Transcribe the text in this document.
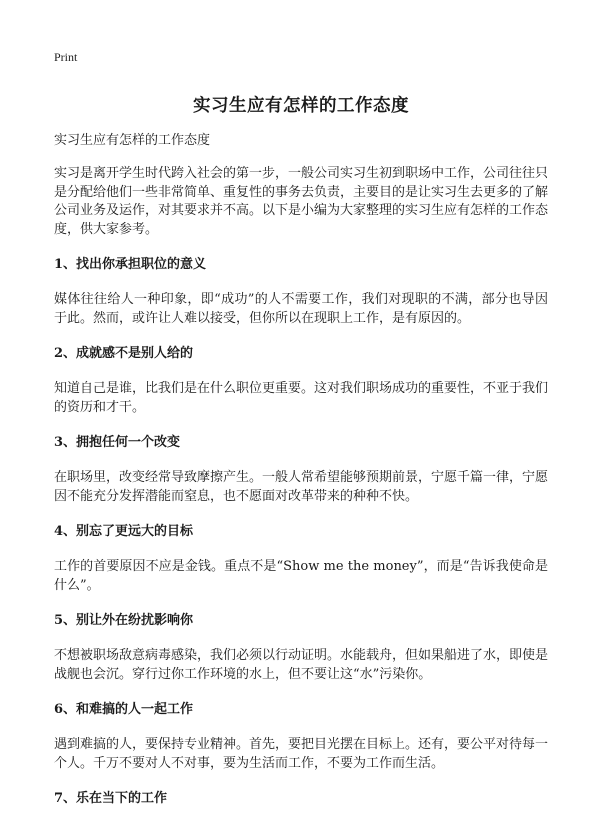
Print
实习生应有怎样的工作态度

实习生应有怎样的工作态度

实习是离开学生时代跨入社会的第一步，一般公司实习生初到职场中工作，公司往往只是分配给他们一些非常简单、重复性的事务去负责，主要目的是让实习生去更多的了解公司业务及运作，对其要求并不高。以下是小编为大家整理的实习生应有怎样的工作态度，供大家参考。

1、找出你承担职位的意义

媒体往往给人一种印象，即“成功”的人不需要工作，我们对现职的不满，部分也导因于此。然而，或许让人难以接受，但你所以在现职上工作，是有原因的。

2、成就感不是别人给的

知道自己是谁，比我们是在什么职位更重要。这对我们职场成功的重要性，不亚于我们的资历和才干。

3、拥抱任何一个改变

在职场里，改变经常导致摩擦产生。一般人常希望能够预期前景，宁愿千篇一律，宁愿因不能充分发挥潜能而窒息，也不愿面对改革带来的种种不快。

4、别忘了更远大的目标

工作的首要原因不应是金钱。重点不是“Show me the money”，而是“告诉我使命是什么”。

5、别让外在纷扰影响你

不想被职场敌意病毒感染，我们必须以行动证明。水能载舟，但如果船进了水，即使是战舰也会沉。穿行过你工作环境的水上，但不要让这“水”污染你。

6、和难搞的人一起工作

遇到难搞的人，要保持专业精神。首先，要把目光摆在目标上。还有，要公平对待每一个人。千万不要对人不对事，要为生活而工作，不要为工作而生活。

7、乐在当下的工作
